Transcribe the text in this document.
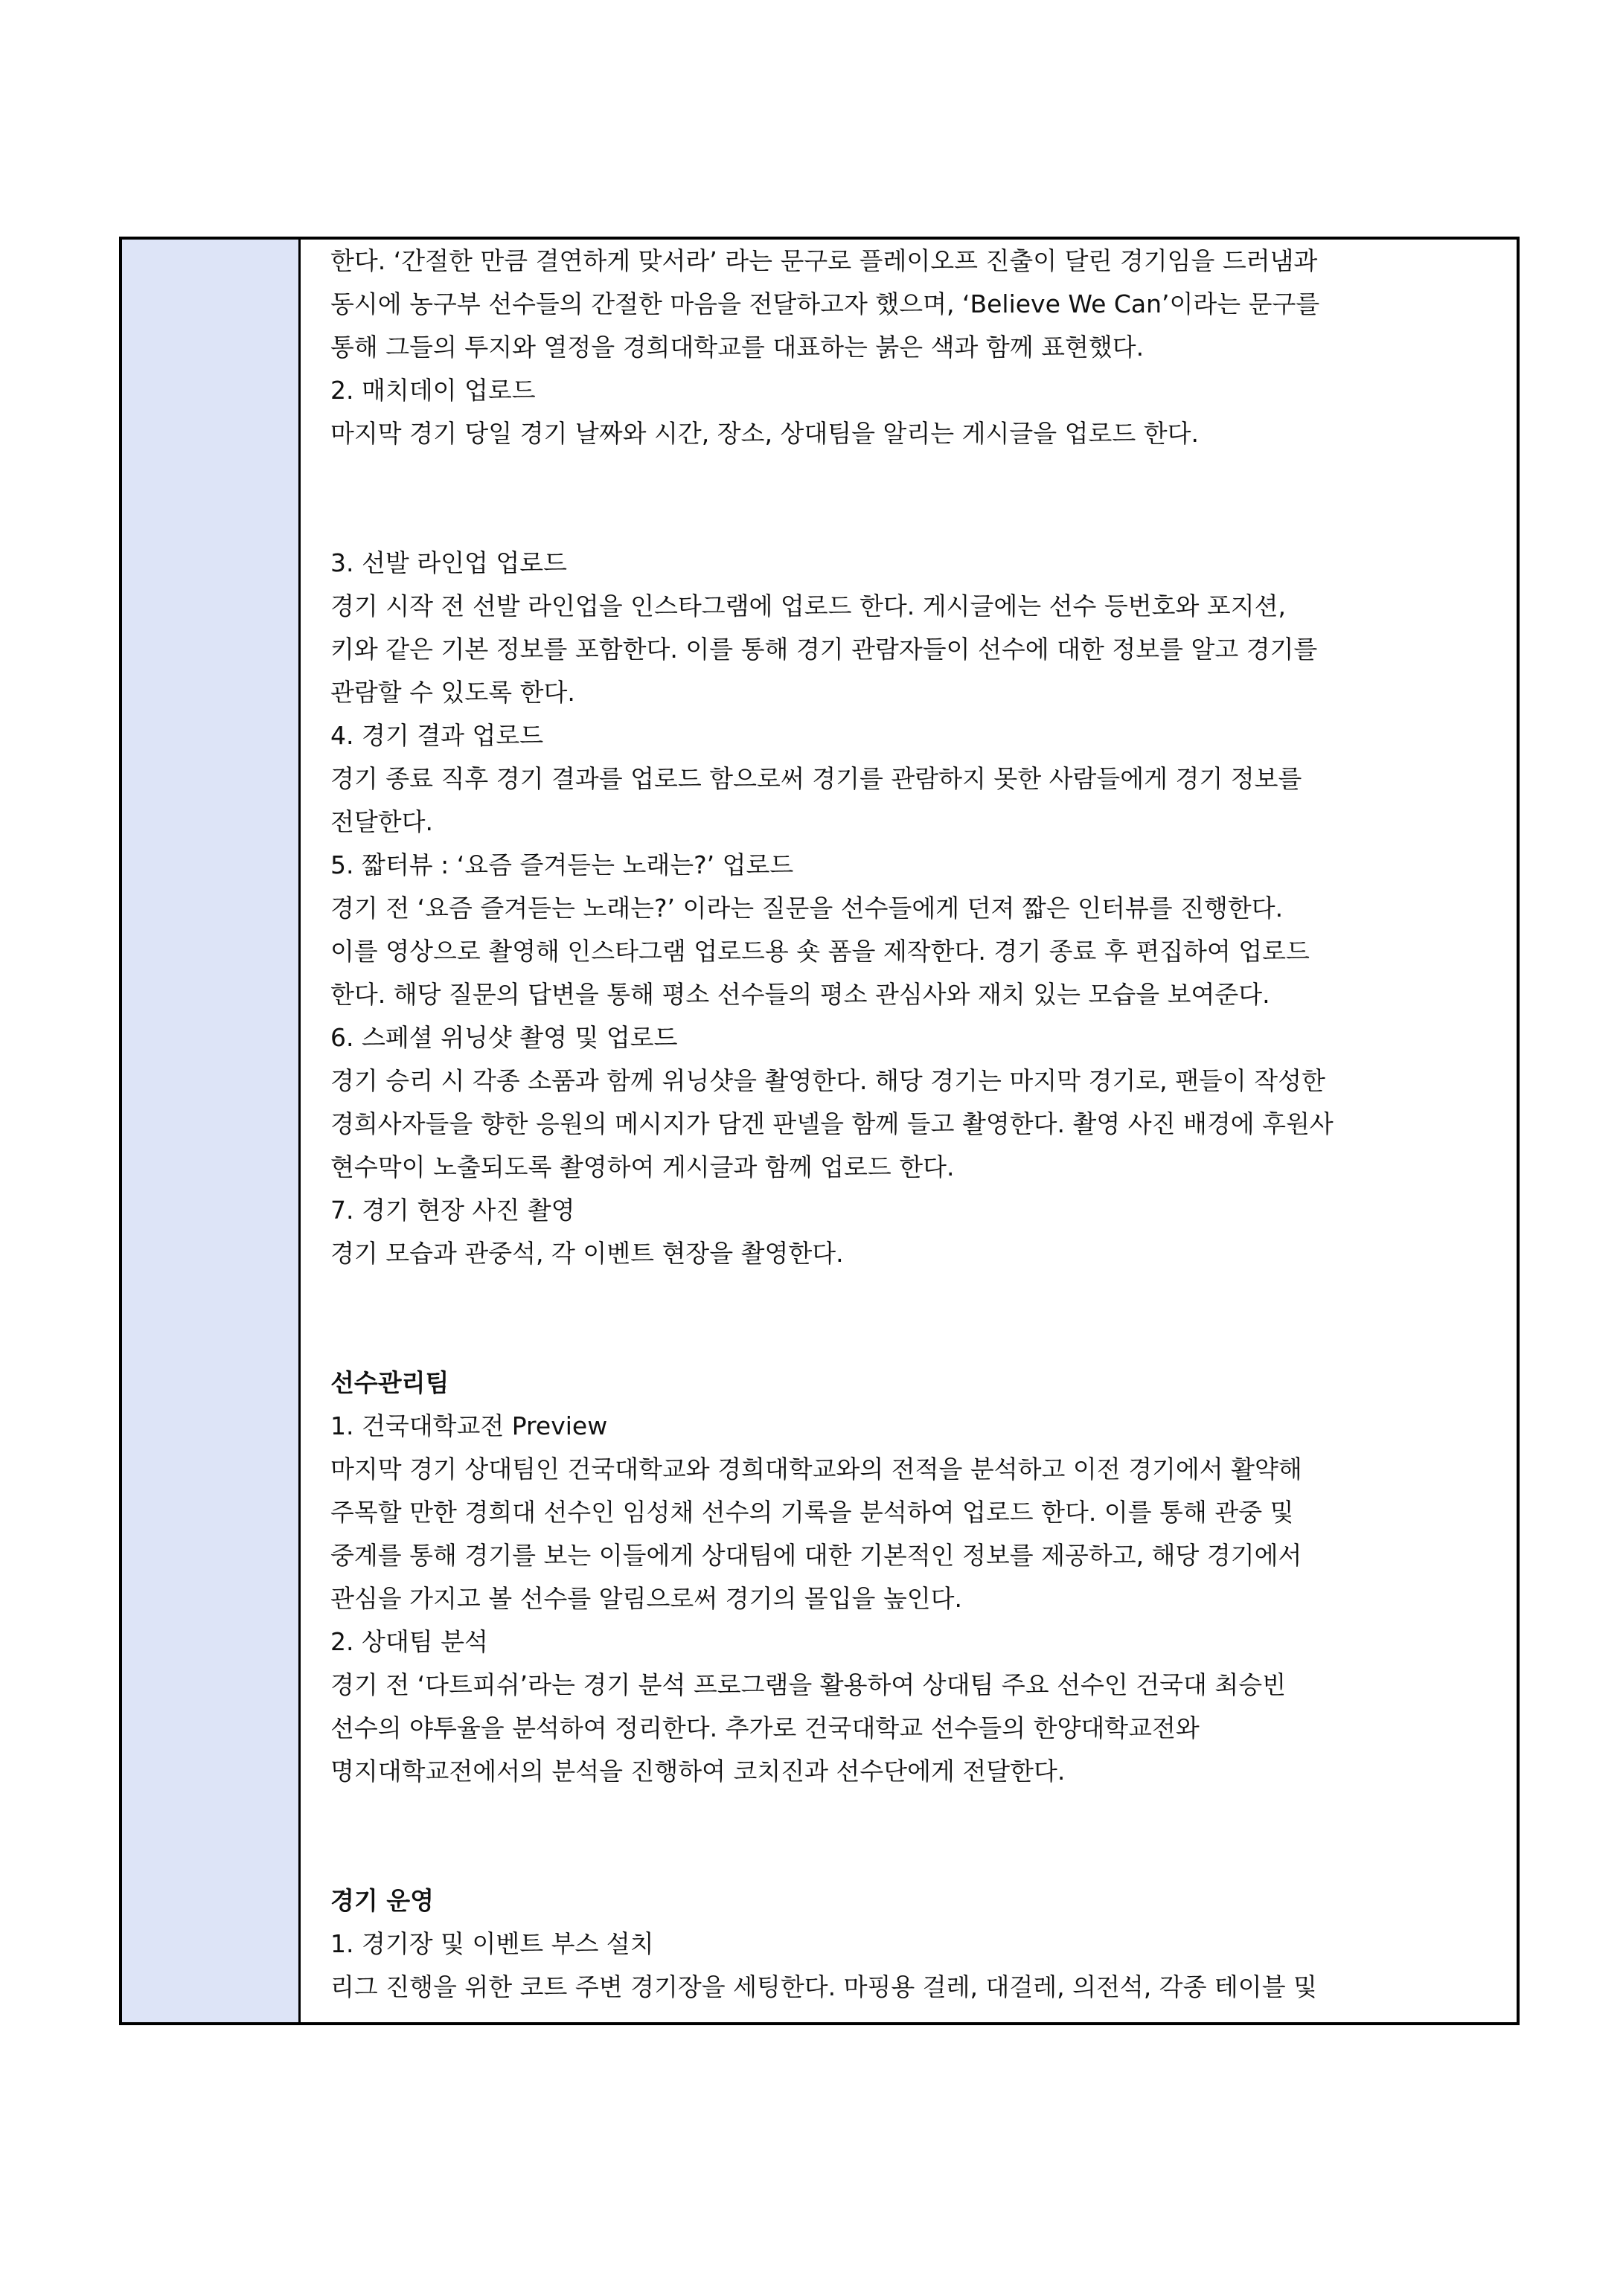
한다. ‘간절한 만큼 결연하게 맞서라’ 라는 문구로 플레이오프 진출이 달린 경기임을 드러냄과
동시에 농구부 선수들의 간절한 마음을 전달하고자 했으며, ‘Believe We Can’이라는 문구를
통해 그들의 투지와 열정을 경희대학교를 대표하는 붉은 색과 함께 표현했다.
2. 매치데이 업로드
마지막 경기 당일 경기 날짜와 시간, 장소, 상대팀을 알리는 게시글을 업로드 한다.
3. 선발 라인업 업로드
경기 시작 전 선발 라인업을 인스타그램에 업로드 한다. 게시글에는 선수 등번호와 포지션,
키와 같은 기본 정보를 포함한다. 이를 통해 경기 관람자들이 선수에 대한 정보를 알고 경기를
관람할 수 있도록 한다.
4. 경기 결과 업로드
경기 종료 직후 경기 결과를 업로드 함으로써 경기를 관람하지 못한 사람들에게 경기 정보를
전달한다.
5. 짧터뷰 : ‘요즘 즐겨듣는 노래는?’ 업로드
경기 전 ‘요즘 즐겨듣는 노래는?’ 이라는 질문을 선수들에게 던져 짧은 인터뷰를 진행한다.
이를 영상으로 촬영해 인스타그램 업로드용 숏 폼을 제작한다. 경기 종료 후 편집하여 업로드
한다. 해당 질문의 답변을 통해 평소 선수들의 평소 관심사와 재치 있는 모습을 보여준다.
6. 스페셜 위닝샷 촬영 및 업로드
경기 승리 시 각종 소품과 함께 위닝샷을 촬영한다. 해당 경기는 마지막 경기로, 팬들이 작성한
경희사자들을 향한 응원의 메시지가 담겐 판넬을 함께 들고 촬영한다. 촬영 사진 배경에 후원사
현수막이 노출되도록 촬영하여 게시글과 함께 업로드 한다.
7. 경기 현장 사진 촬영
경기 모습과 관중석, 각 이벤트 현장을 촬영한다.
선수관리팀
1. 건국대학교전 Preview
마지막 경기 상대팀인 건국대학교와 경희대학교와의 전적을 분석하고 이전 경기에서 활약해
주목할 만한 경희대 선수인 임성채 선수의 기록을 분석하여 업로드 한다. 이를 통해 관중 및
중계를 통해 경기를 보는 이들에게 상대팀에 대한 기본적인 정보를 제공하고, 해당 경기에서
관심을 가지고 볼 선수를 알림으로써 경기의 몰입을 높인다.
2. 상대팀 분석
경기 전 ‘다트피쉬’라는 경기 분석 프로그램을 활용하여 상대팀 주요 선수인 건국대 최승빈
선수의 야투율을 분석하여 정리한다. 추가로 건국대학교 선수들의 한양대학교전와
명지대학교전에서의 분석을 진행하여 코치진과 선수단에게 전달한다.
경기 운영
1. 경기장 및 이벤트 부스 설치
리그 진행을 위한 코트 주변 경기장을 세팅한다. 마핑용 걸레, 대걸레, 의전석, 각종 테이블 및
